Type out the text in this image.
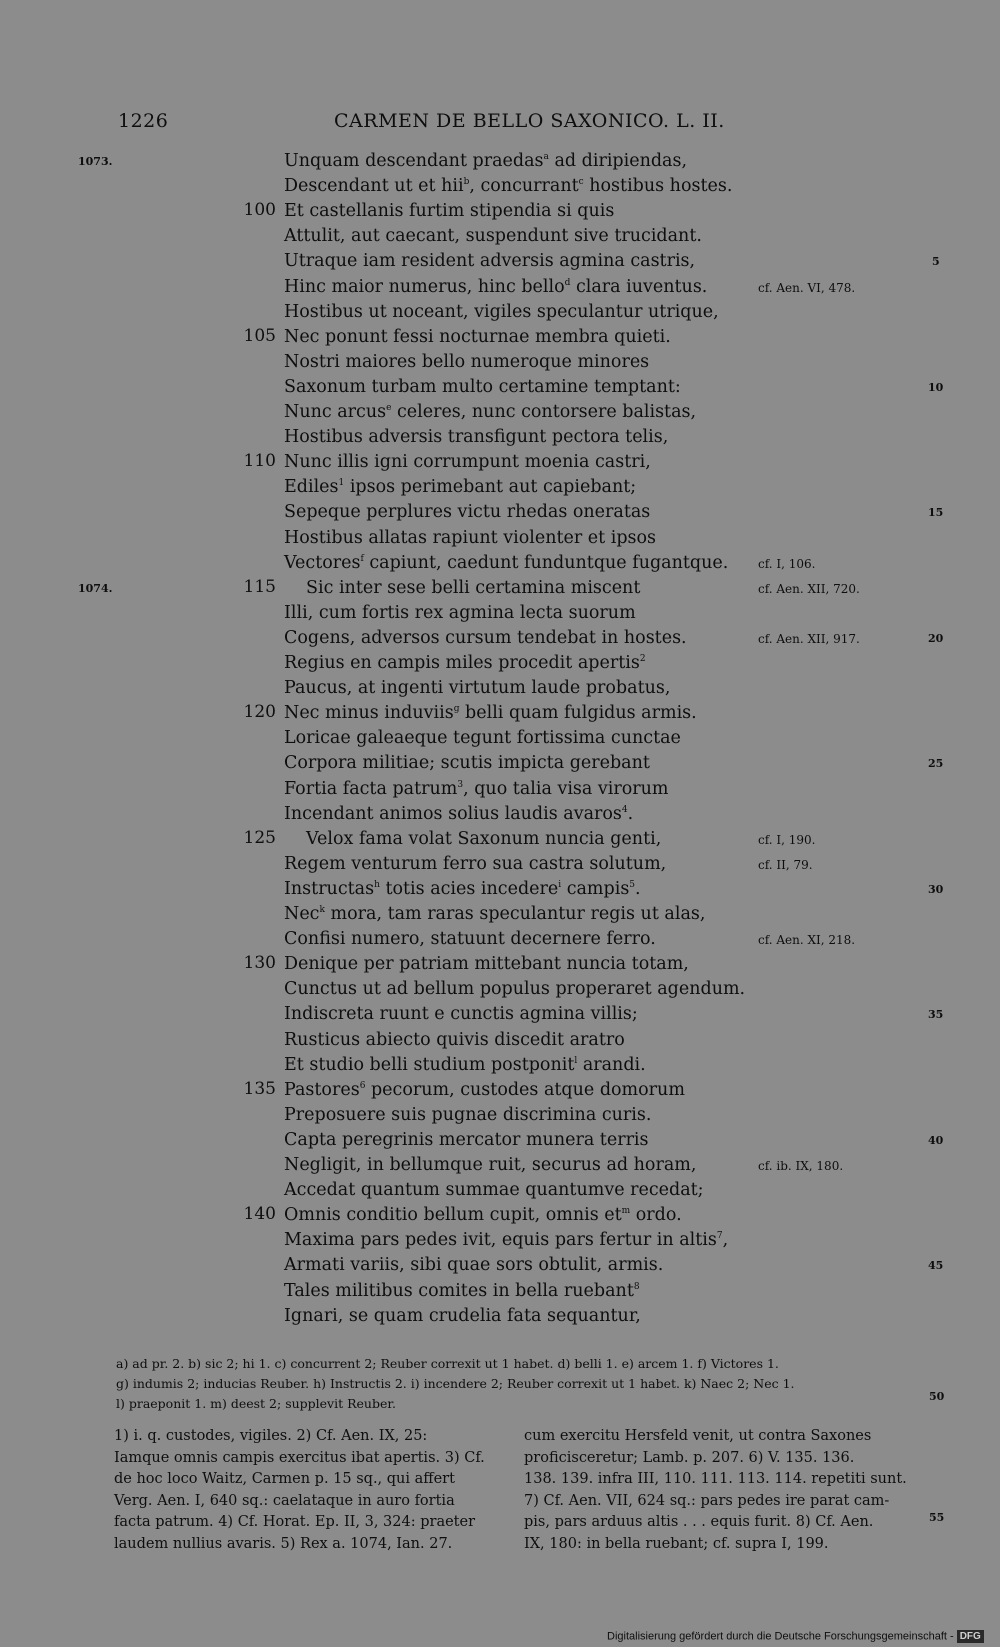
1226	CARMEN DE BELLO SAXONICO. L. II.
1073.
1074.
100
105
110
115
120
125
130
135
140
Unquam descendant praedas$^a$ ad diripiendas,
Descendant ut et hii$^b$, concurrant$^c$ hostibus hostes.
Et castellanis furtim stipendia si quis
Attulit, aut caecant, suspendunt sive trucidant.
Utraque iam resident adversis agmina castris,
Hinc maior numerus, hinc bello$^d$ clara iuventus.
Hostibus ut noceant, vigiles speculantur utrique,
Nec ponunt fessi nocturnae membra quieti.
Nostri maiores bello numeroque minores
Saxonum turbam multo certamine temptant:
Nunc arcus$^e$ celeres, nunc contorsere balistas,
Hostibus adversis transfigunt pectora telis,
Nunc illis igni corrumpunt moenia castri,
Ediles$^1$ ipsos perimebant aut capiebant;
Sepeque perplures victu rhedas oneratas
Hostibus allatas rapiunt violenter et ipsos
Vectores$^f$ capiunt, caedunt funduntque fugantque.
Sic inter sese belli certamina miscent
Illi, cum fortis rex agmina lecta suorum
Cogens, adversos cursum tendebat in hostes.
Regius en campis miles procedit apertis$^2$
Paucus, at ingenti virtutum laude probatus,
Nec minus induviis$^g$ belli quam fulgidus armis.
Loricae galeaeque tegunt fortissima cunctae
Corpora militiae; scutis impicta gerebant
Fortia facta patrum$^3$, quo talia visa virorum
Incendant animos solius laudis avaros$^4$.
Velox fama volat Saxonum nuncia genti,
Regem venturum ferro sua castra solutum,
Instructas$^h$ totis acies incedere$^i$ campis$^5$.
Nec$^k$ mora, tam raras speculantur regis ut alas,
Confisi numero, statuunt decernere ferro.
Denique per patriam mittebant nuncia totam,
Cunctus ut ad bellum populus properaret agendum.
Indiscreta ruunt e cunctis agmina villis;
Rusticus abiecto quivis discedit aratro
Et studio belli studium postponit$^l$ arandi.
Pastores$^6$ pecorum, custodes atque domorum
Preposuere suis pugnae discrimina curis.
Capta peregrinis mercator munera terris
Negligit, in bellumque ruit, securus ad horam,
Accedat quantum summae quantumve recedat;
Omnis conditio bellum cupit, omnis $et^m$ ordo.
Maxima pars pedes ivit, equis pars fertur in altis$^7$,
Armati variis, sibi quae sors obtulit, armis.
Tales militibus comites in bella ruebant$^8$
Ignari, se quam crudelia fata sequantur,
cf. Aen. VI, 478.
cf. I, 106.
cf. Aen. XII, 720.
cf. Aen. XII, 917.
cf. I, 190.
cf. II, 79.
cf. Aen. XI, 218.
cf. ib. IX, 180.
5
10
15
20
25
30
35
40
45
50
55
a) ad pr. 2. b) sic 2; hi 1. c) concurrent 2; Reuber correxit ut 1 habet. d) belli 1. e) arcem 1. f) Victores 1.
g) indumis 2; inducias Reuber. h) Instructis 2. i) incendere 2; Reuber correxit ut 1 habet. k) Naec 2; Nec 1.
l) praeponit 1. m) deest 2; supplevit Reuber.
1) i. q. custodes, vigiles. 2) Cf. Aen. IX, 25:
Iamque omnis campis exercitus ibat apertis. 3) Cf.
de hoc loco Waitz, Carmen p. 15 sq., qui affert
Verg. Aen. I, 640 sq.: caelataque in auro fortia
facta patrum. 4) Cf. Horat. Ep. II, 3, 324: praeter
laudem nullius avaris. 5) Rex a. 1074, Ian. 27.
cum exercitu Hersfeld venit, ut contra Saxones
proficisceretur; Lamb. p. 207. 6) V. 135. 136.
138. 139. infra III, 110. 111. 113. 114. repetiti sunt.
7) Cf. Aen. VII, 624 sq.: pars pedes ire parat cam-
pis, pars arduus altis . . . equis furit. 8) Cf. Aen.
IX, 180: in bella ruebant; cf. supra I, 199.
Digitalisierung gefördert durch die Deutsche Forschungsgemeinschaft - DFG
